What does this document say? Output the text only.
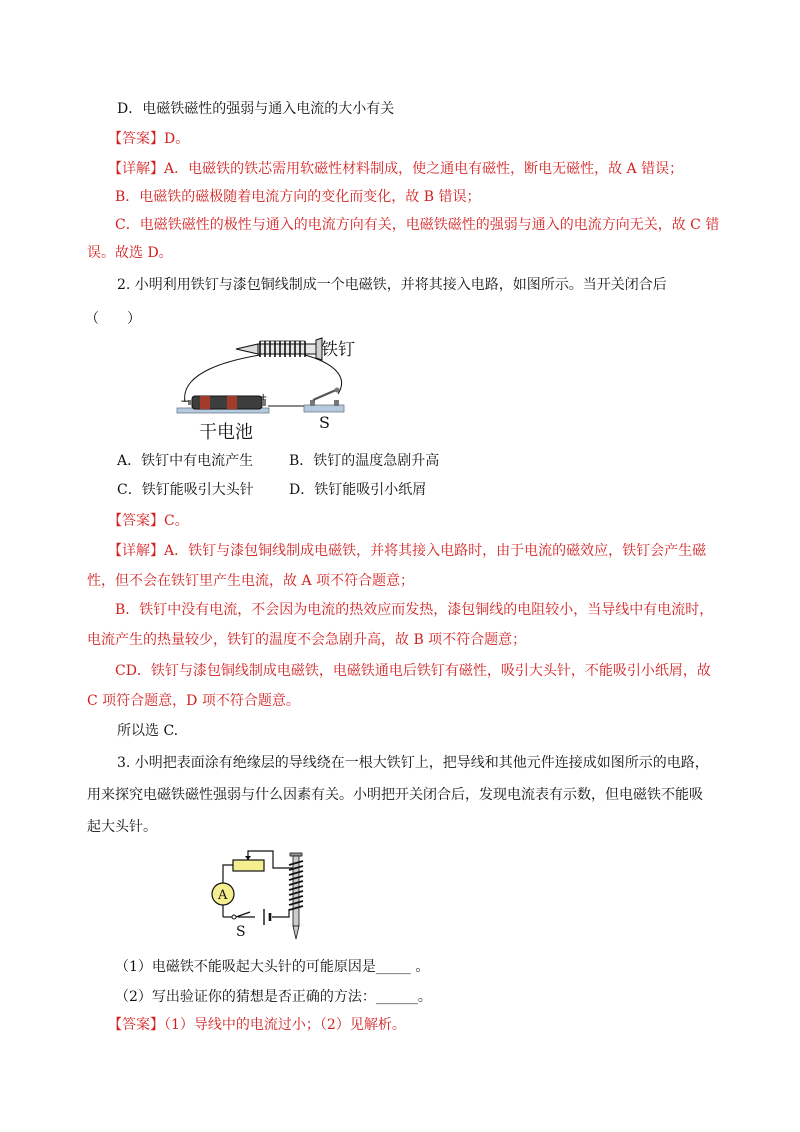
D．电磁铁磁性的强弱与通入电流的大小有关
【答案】D。
【详解】A．电磁铁的铁芯需用软磁性材料制成，使之通电有磁性，断电无磁性，故 A 错误；
B．电磁铁的磁极随着电流方向的变化而变化，故 B 错误；
C．电磁铁磁性的极性与通入的电流方向有关，电磁铁磁性的强弱与通入的电流方向无关，故 C 错
误。故选 D。
2. 小明利用铁钉与漆包铜线制成一个电磁铁，并将其接入电路，如图所示。当开关闭合后
（　　）
−	+
铁钉
干电池	S
A．铁钉中有电流产生	B．铁钉的温度急剧升高
C．铁钉能吸引大头针	D．铁钉能吸引小纸屑
【答案】C。
【详解】A．铁钉与漆包铜线制成电磁铁，并将其接入电路时，由于电流的磁效应，铁钉会产生磁
性，但不会在铁钉里产生电流，故 A 项不符合题意；
B．铁钉中没有电流，不会因为电流的热效应而发热，漆包铜线的电阻较小，当导线中有电流时，
电流产生的热量较少，铁钉的温度不会急剧升高，故 B 项不符合题意；
CD．铁钉与漆包铜线制成电磁铁，电磁铁通电后铁钉有磁性，吸引大头针，不能吸引小纸屑，故
C 项符合题意，D 项不符合题意。
所以选 C.
3. 小明把表面涂有绝缘层的导线绕在一根大铁钉上，把导线和其他元件连接成如图所示的电路，
用来探究电磁铁磁性强弱与什么因素有关。小明把开关闭合后，发现电流表有示数，但电磁铁不能吸
起大头针。
A
S
（1）电磁铁不能吸起大头针的可能原因是_____ 。
（2）写出验证你的猜想是否正确的方法：______。
【答案】（1）导线中的电流过小；（2）见解析。
